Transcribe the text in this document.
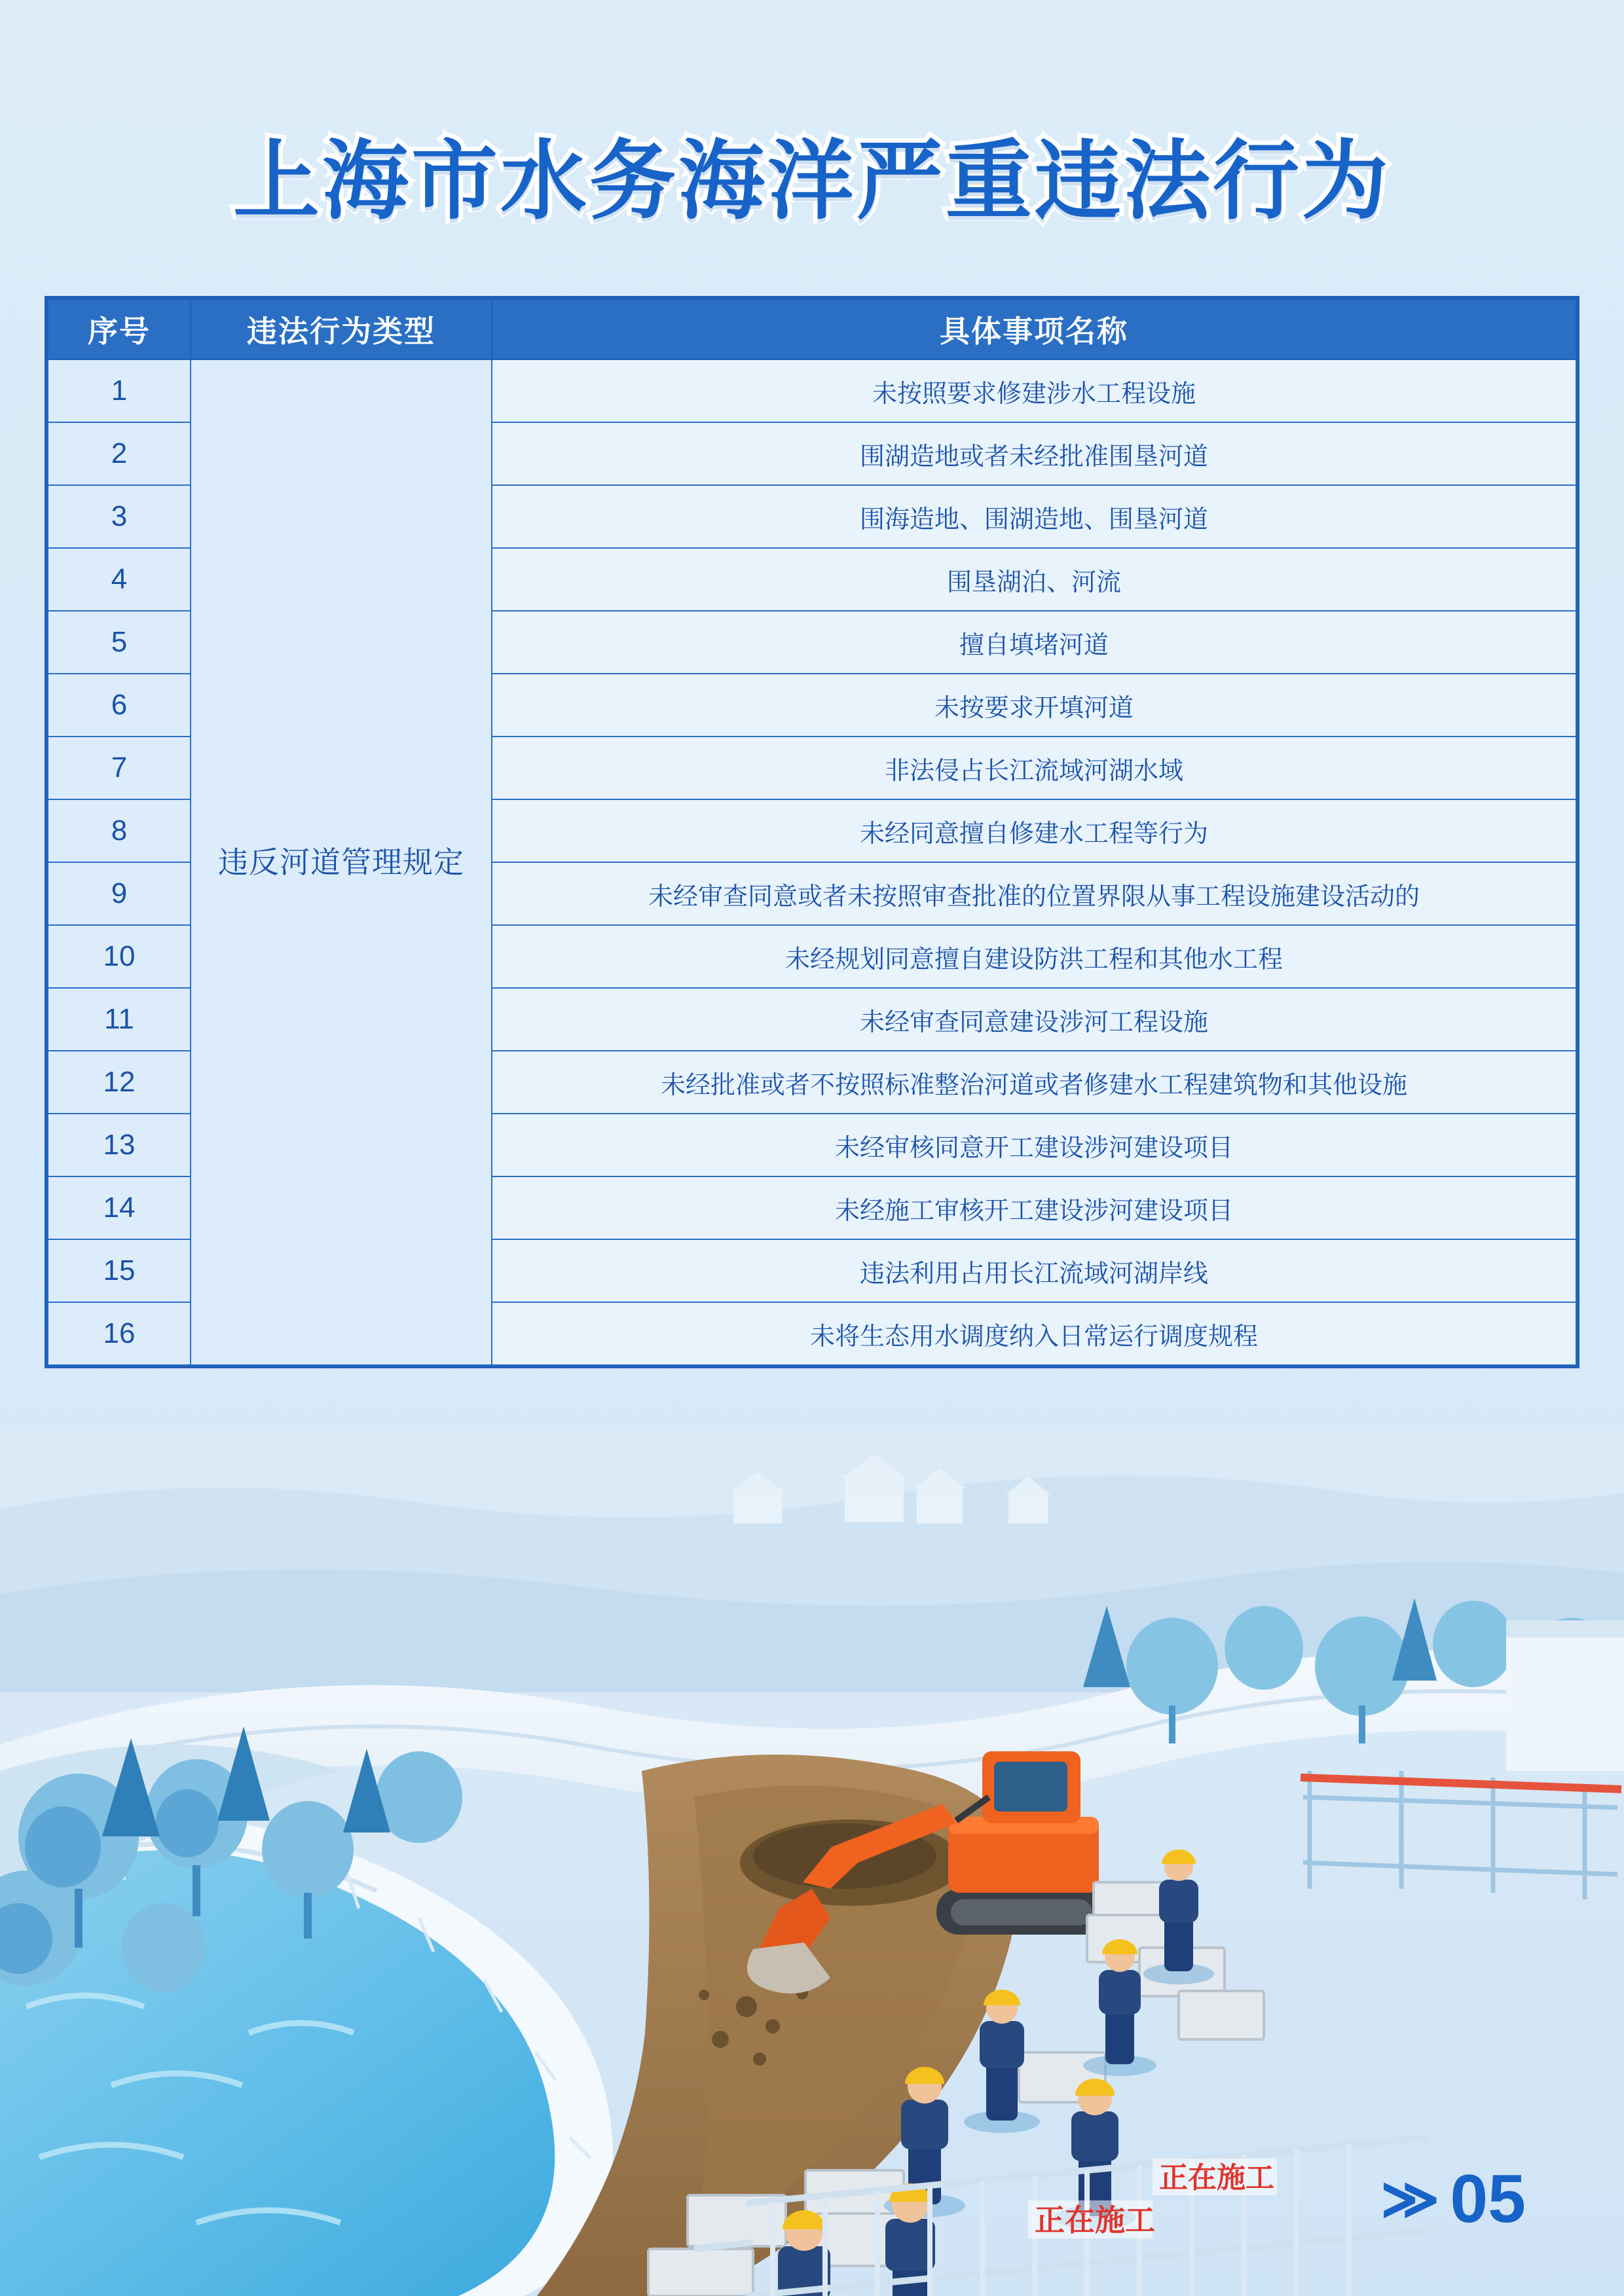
上海市水务海洋严重违法行为
序号	违法行为类型	具体事项名称
1	违反河道管理规定	未按照要求修建涉水工程设施
2		围湖造地或者未经批准围垦河道
3		围海造地、围湖造地、围垦河道
4		围垦湖泊、河流
5		擅自填堵河道
6		未按要求开填河道
7		非法侵占长江流域河湖水域
8		未经同意擅自修建水工程等行为
9		未经审查同意或者未按照审查批准的位置界限从事工程设施建设活动的
10		未经规划同意擅自建设防洪工程和其他水工程
11		未经审查同意建设涉河工程设施
12		未经批准或者不按照标准整治河道或者修建水工程建筑物和其他设施
13		未经审核同意开工建设涉河建设项目
14		未经施工审核开工建设涉河建设项目
15		违法利用占用长江流域河湖岸线
16		未将生态用水调度纳入日常运行调度规程
正在施工
正在施工 ≫ 05
